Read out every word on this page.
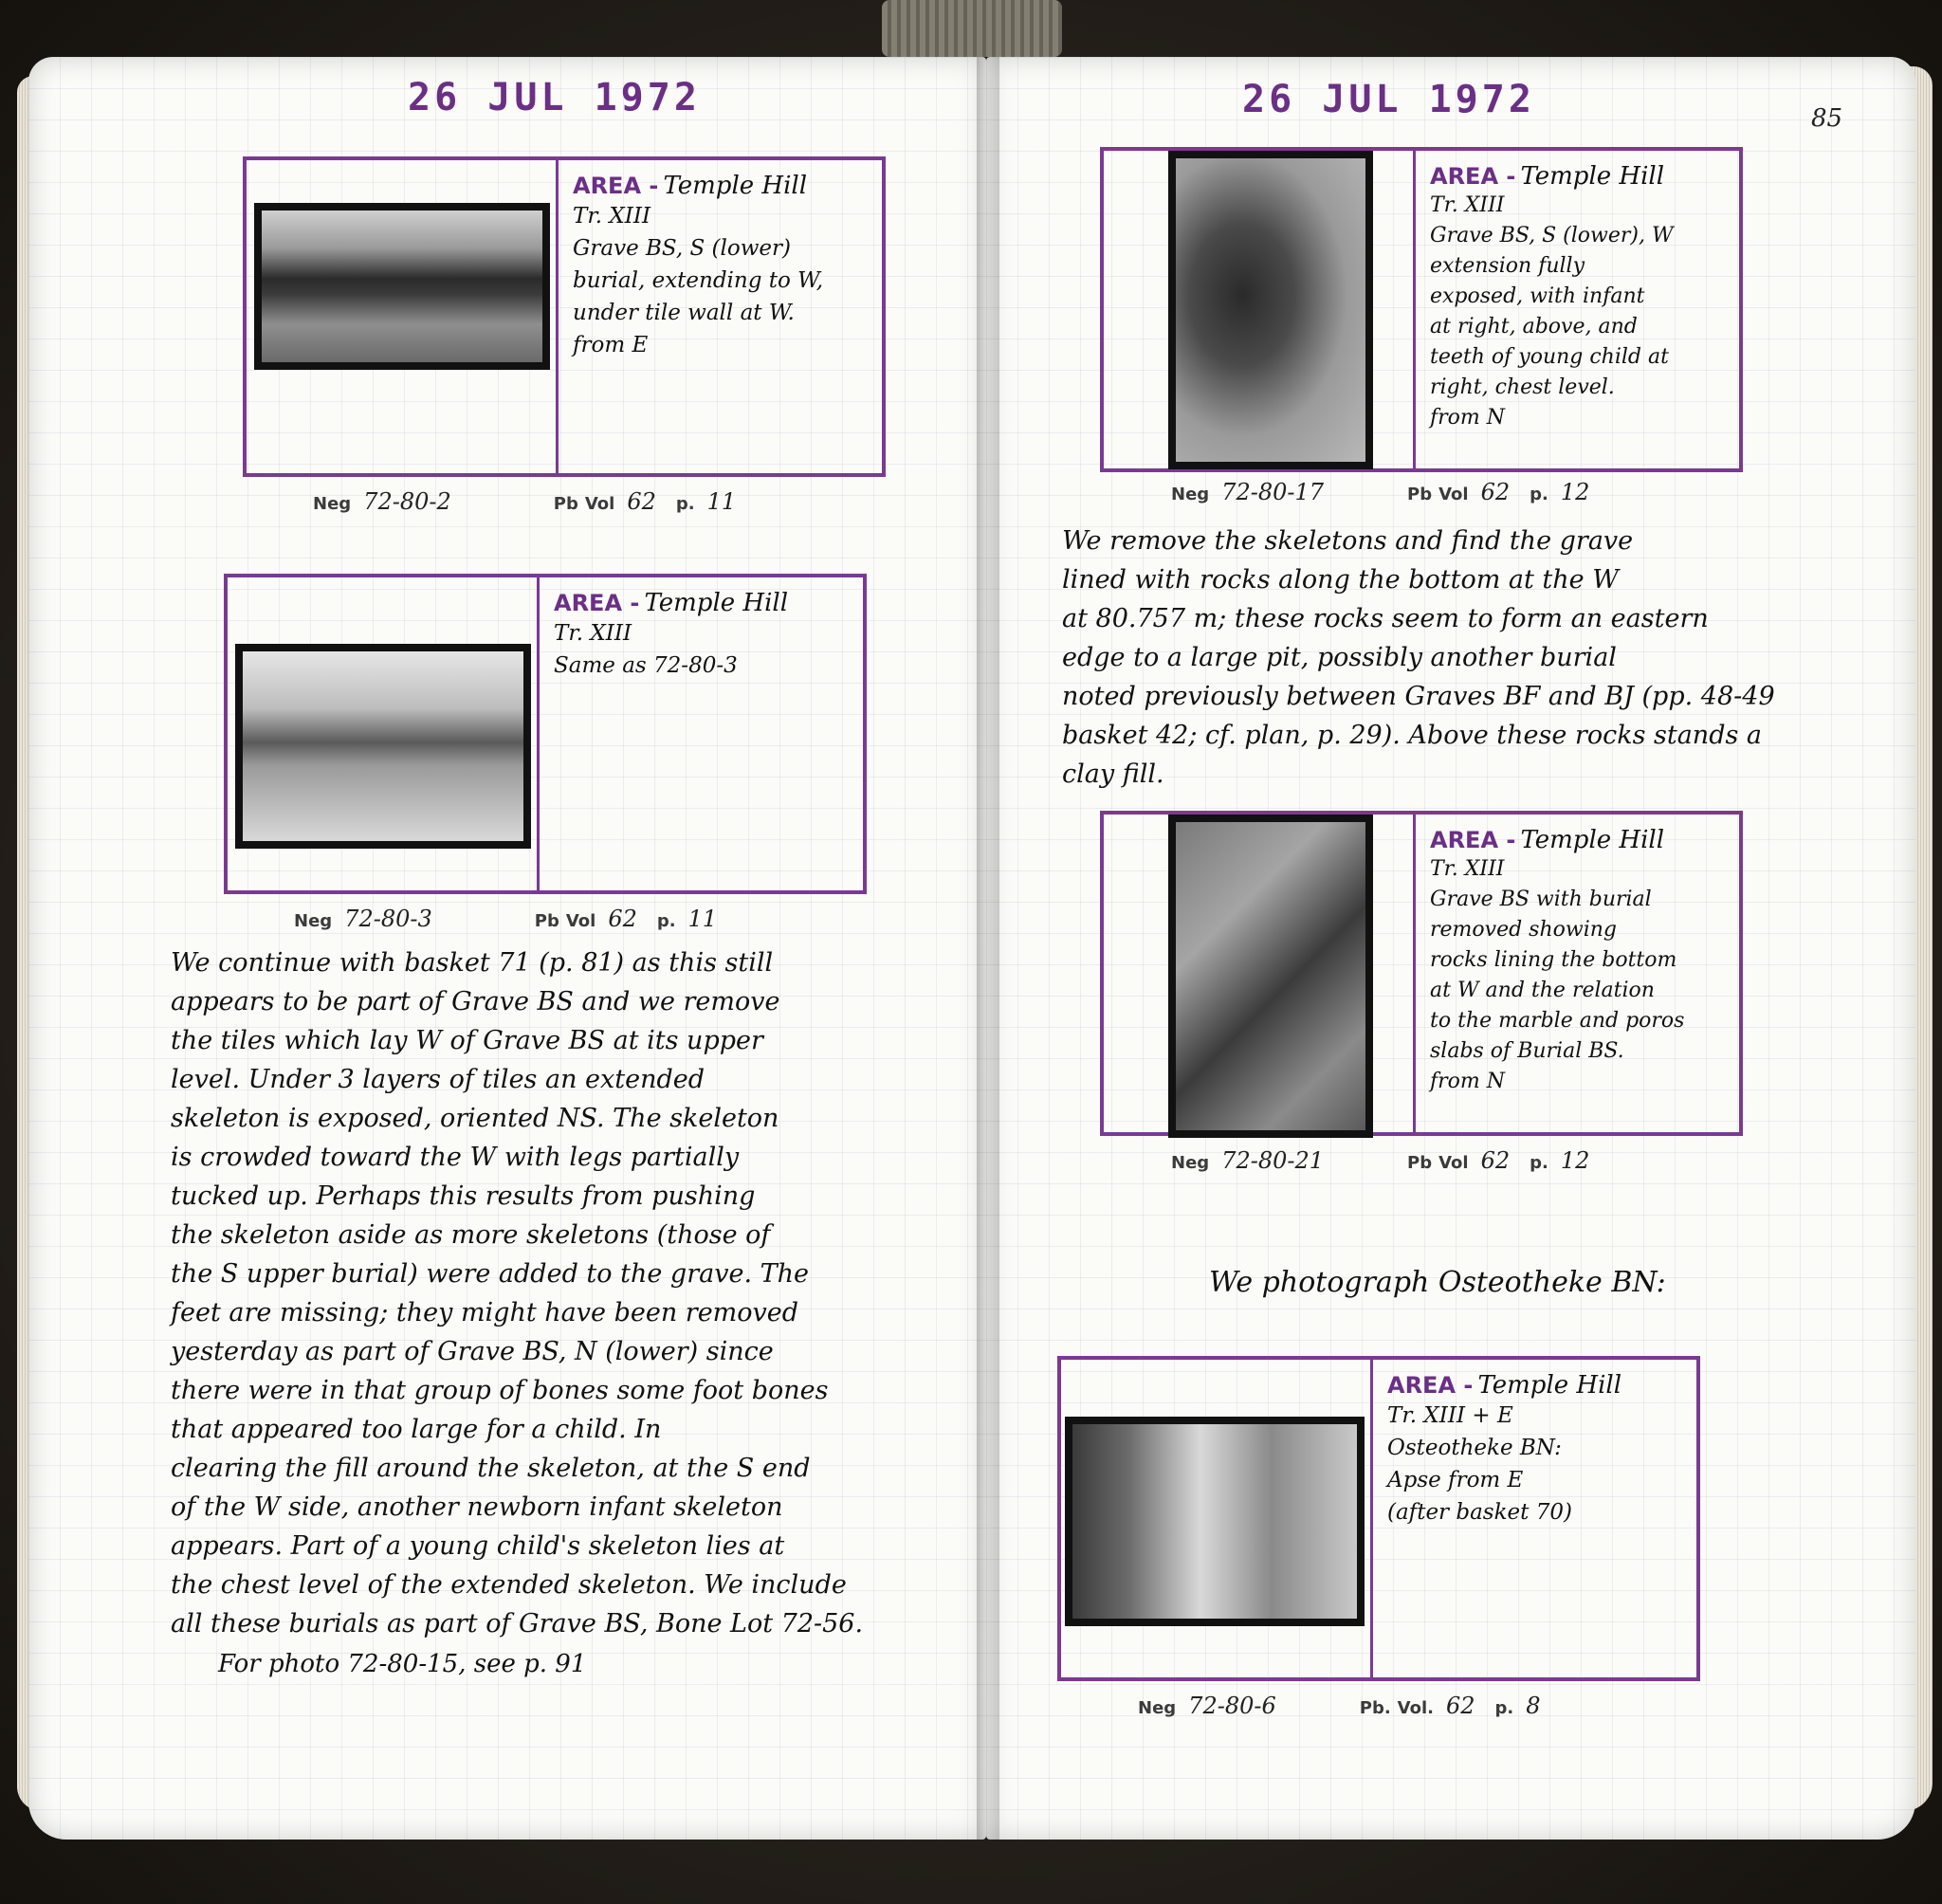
26 JUL 1972
AREA - Temple Hill
Tr. XIII
Grave BS, S (lower)
burial, extending to W,
under tile wall at W.
from E
Neg 72-80-2	Pb Vol 62 p. 11
AREA - Temple Hill
Tr. XIII
Same as 72-80-3
Neg 72-80-3	Pb Vol 62 p. 11
We continue with basket 71 (p. 81) as this still
appears to be part of Grave BS and we remove
the tiles which lay W of Grave BS at its upper
level. Under 3 layers of tiles an extended
skeleton is exposed, oriented NS. The skeleton
is crowded toward the W with legs partially
tucked up. Perhaps this results from pushing
the skeleton aside as more skeletons (those of
the S upper burial) were added to the grave. The
feet are missing; they might have been removed
yesterday as part of Grave BS, N (lower) since
there were in that group of bones some foot bones
that appeared too large for a child. In
clearing the fill around the skeleton, at the S end
of the W side, another newborn infant skeleton
appears. Part of a young child's skeleton lies at
the chest level of the extended skeleton. We include
all these burials as part of Grave BS, Bone Lot 72-56.
For photo 72-80-15, see p. 91
26 JUL 1972	85
AREA - Temple Hill
Tr. XIII
Grave BS, S (lower), W
extension fully
exposed, with infant
at right, above, and
teeth of young child at
right, chest level.
from N
Neg 72-80-17	Pb Vol 62 p. 12
We remove the skeletons and find the grave
lined with rocks along the bottom at the W
at 80.757 m; these rocks seem to form an eastern
edge to a large pit, possibly another burial
noted previously between Graves BF and BJ (pp. 48-49
basket 42; cf. plan, p. 29). Above these rocks stands a
clay fill.
AREA - Temple Hill
Tr. XIII
Grave BS with burial
removed showing
rocks lining the bottom
at W and the relation
to the marble and poros
slabs of Burial BS.
from N
Neg 72-80-21	Pb Vol 62 p. 12
We photograph Osteotheke BN:
AREA - Temple Hill
Tr. XIII + E
Osteotheke BN:
Apse from E
(after basket 70)
Neg 72-80-6	Pb. Vol. 62 p. 8
